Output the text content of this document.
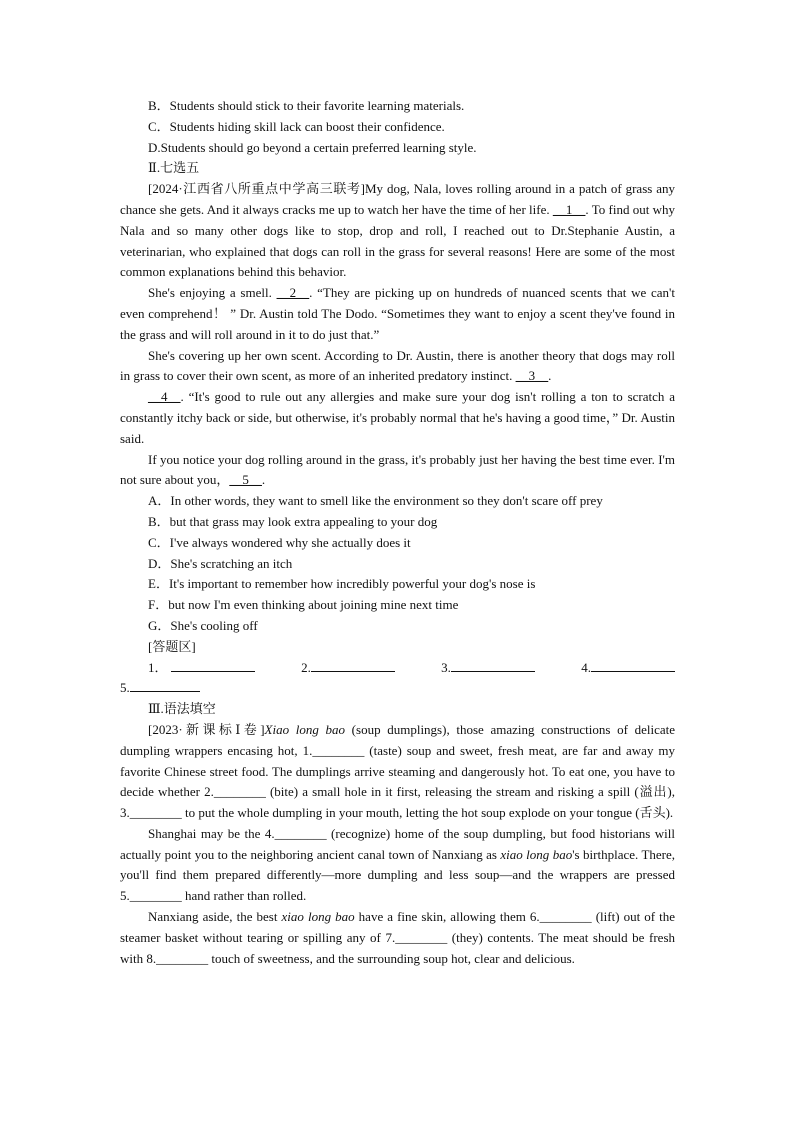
B．Students should stick to their favorite learning materials.

C．Students hiding skill lack can boost their confidence.

D.Students should go beyond a certain preferred learning style.

Ⅱ.七选五

[2024·江西省八所重点中学高三联考]My dog, Nala, loves rolling around in a patch of grass any chance she gets. And it always cracks me up to watch her have the time of her life. __1__. To find out why Nala and so many other dogs like to stop, drop and roll, I reached out to Dr.Stephanie Austin, a veterinarian, who explained that dogs can roll in the grass for several reasons! Here are some of the most common explanations behind this behavior.

She's enjoying a smell. __2__. “They are picking up on hundreds of nuanced scents that we can't even comprehend！ ” Dr. Austin told The Dodo. “Sometimes they want to enjoy a scent they've found in the grass and will roll around in it to do just that.”

She's covering up her own scent. According to Dr. Austin, there is another theory that dogs may roll in grass to cover their own scent, as more of an inherited predatory instinct. __3__.

__4__. “It's good to rule out any allergies and make sure your dog isn't rolling a ton to scratch a constantly itchy back or side, but otherwise, it's probably normal that he's having a good time，” Dr. Austin said.

If you notice your dog rolling around in the grass, it's probably just her having the best time ever. I'm not sure about you，__5__.

A．In other words, they want to smell like the environment so they don't scare off prey

B．but that grass may look extra appealing to your dog

C．I've always wondered why she actually does it

D．She's scratching an itch

E．It's important to remember how incredibly powerful your dog's nose is

F．but now I'm even thinking about joining mine next time

G．She's cooling off

[答题区]

1．	2.	3.	4.

5.

Ⅲ.语法填空

[2023·新课标Ⅰ卷]Xiao long bao (soup dumplings), those amazing constructions of delicate dumpling wrappers encasing hot, 1.________ (taste) soup and sweet, fresh meat, are far and away my favorite Chinese street food. The dumplings arrive steaming and dangerously hot. To eat one, you have to decide whether 2.________ (bite) a small hole in it first, releasing the stream and risking a spill (溢出), 3.________ to put the whole dumpling in your mouth, letting the hot soup explode on your tongue (舌头).

Shanghai may be the 4.________ (recognize) home of the soup dumpling, but food historians will actually point you to the neighboring ancient canal town of Nanxiang as xiao long bao's birthplace. There, you'll find them prepared differently—more dumpling and less soup—and the wrappers are pressed 5.________ hand rather than rolled.

Nanxiang aside, the best xiao long bao have a fine skin, allowing them 6.________ (lift) out of the steamer basket without tearing or spilling any of 7.________ (they) contents. The meat should be fresh with 8.________ touch of sweetness, and the surrounding soup hot, clear and delicious.
